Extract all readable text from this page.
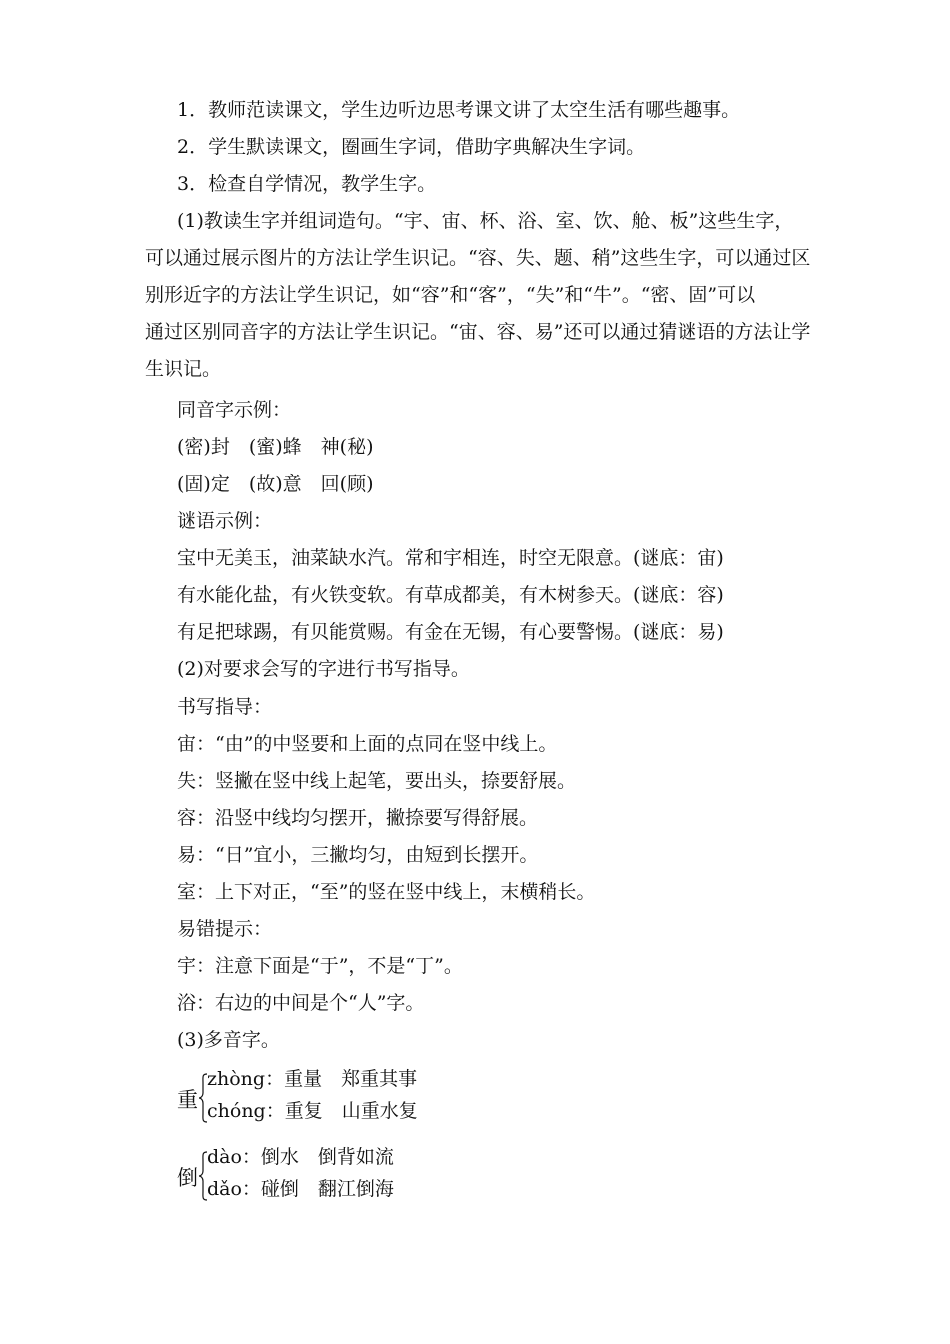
1．教师范读课文，学生边听边思考课文讲了太空生活有哪些趣事。
2．学生默读课文，圈画生字词，借助字典解决生字词。
3．检查自学情况，教学生字。
(1)教读生字并组词造句。“宇、宙、杯、浴、室、饮、舱、板”这些生字，
可以通过展示图片的方法让学生识记。“容、失、题、稍”这些生字，可以通过区
别形近字的方法让学生识记，如“容”和“客”，“失”和“牛”。“密、固”可以
通过区别同音字的方法让学生识记。“宙、容、易”还可以通过猜谜语的方法让学
生识记。
同音字示例：
(密)封　(蜜)蜂　神(秘)
(固)定　(故)意　回(顾)
谜语示例：
宝中无美玉，油菜缺水汽。常和宇相连，时空无限意。(谜底：宙)
有水能化盐，有火铁变软。有草成都美，有木树参天。(谜底：容)
有足把球踢，有贝能赏赐。有金在无锡，有心要警惕。(谜底：易)
(2)对要求会写的字进行书写指导。
书写指导：
宙：“由”的中竖要和上面的点同在竖中线上。
失：竖撇在竖中线上起笔，要出头，捺要舒展。
容：沿竖中线均匀摆开，撇捺要写得舒展。
易：“日”宜小，三撇均匀，由短到长摆开。
室：上下对正，“至”的竖在竖中线上，末横稍长。
易错提示：
宇：注意下面是“于”，不是“丁”。
浴：右边的中间是个“人”字。
(3)多音字。
重
zhòng：重量　郑重其事
chóng：重复　山重水复
倒
dào：倒水　倒背如流
dǎo：碰倒　翻江倒海
